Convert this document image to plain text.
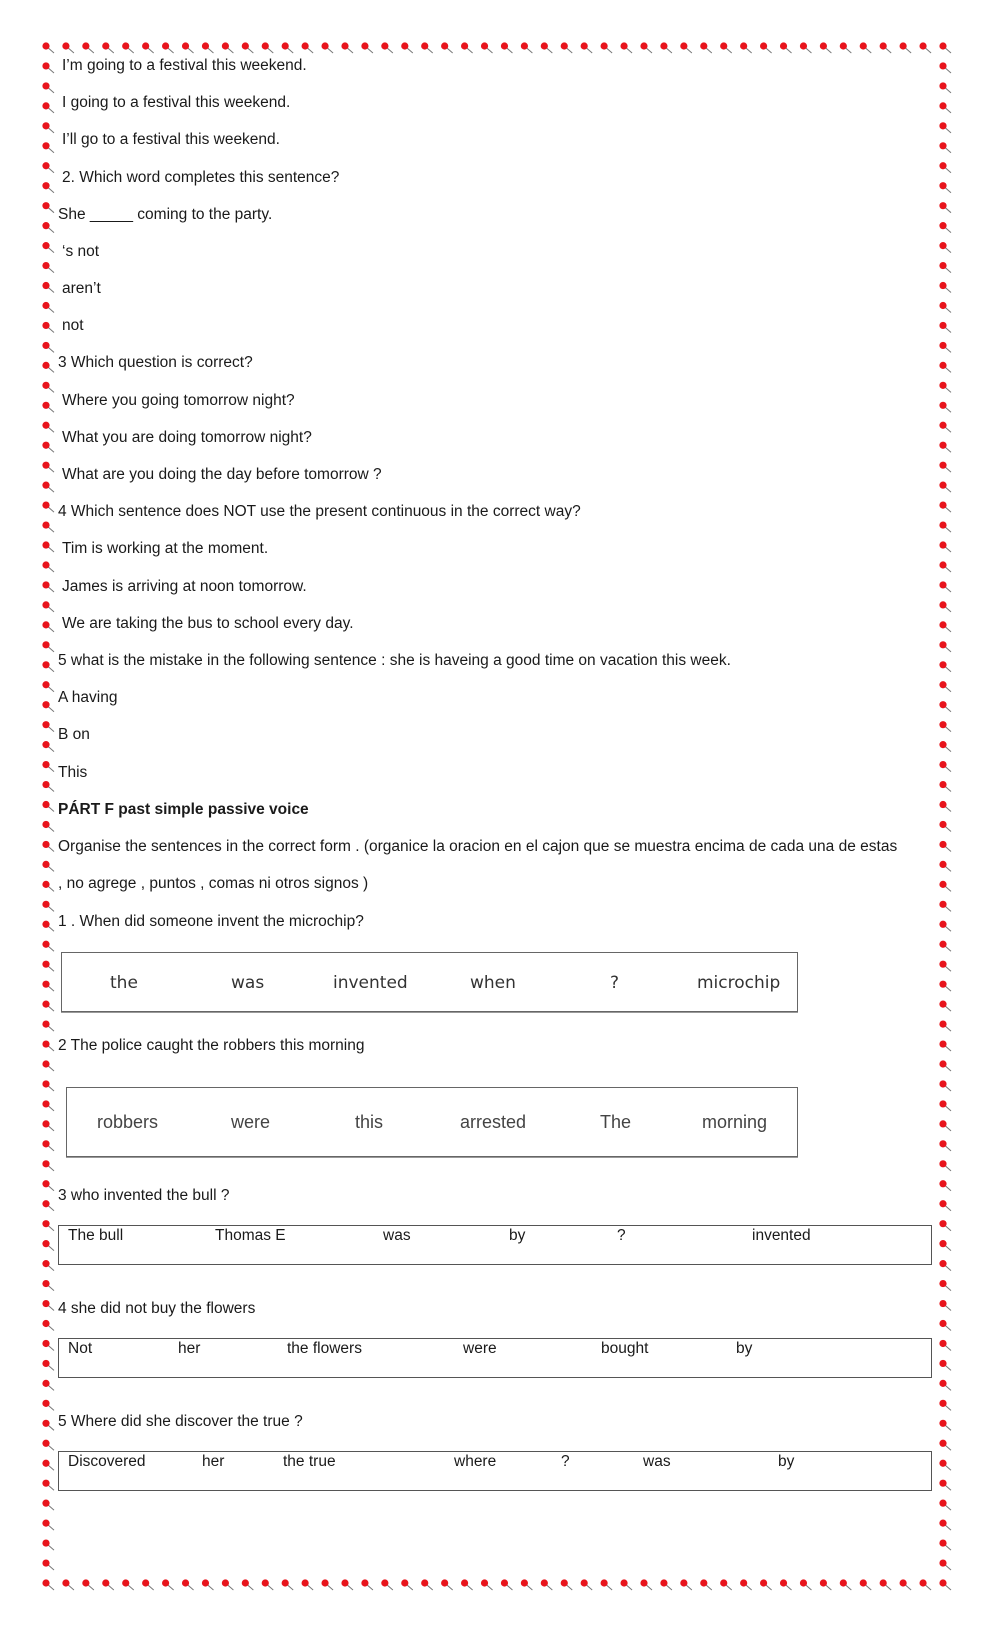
I’m going to a festival this weekend.
I going to a festival this weekend.
I’ll go to a festival this weekend.
2. Which word completes this sentence?
She _____ coming to the party.
‘s not
aren’t
not
3 Which question is correct?
Where you going tomorrow night?
What you are doing tomorrow night?
What are you doing the day before tomorrow ?
4 Which sentence does NOT use the present continuous in the correct way?
Tim is working at the moment.
James is arriving at noon tomorrow.
We are taking the bus to school every day.
5 what is the mistake in the following sentence : she is haveing a good time on vacation this week.
A having
B on
This
PÁRT F past simple passive voice
Organise the sentences in the correct form . (organice la oracion en el cajon que se muestra encima de cada una de estas
, no agrege , puntos , comas ni otros signos )
1 . When did someone invent the microchip?
2 The police caught the robbers this morning
3 who invented the bull ?
4 she did not buy the flowers
5 Where did she discover the true ?
the	was	invented	when	?	microchip
robbers	were	this	arrested	The	morning
The bull	Thomas E	was	by	?	invented
Not	her	the flowers	were	bought	by
Discovered	her	the true	where	?	was	by
